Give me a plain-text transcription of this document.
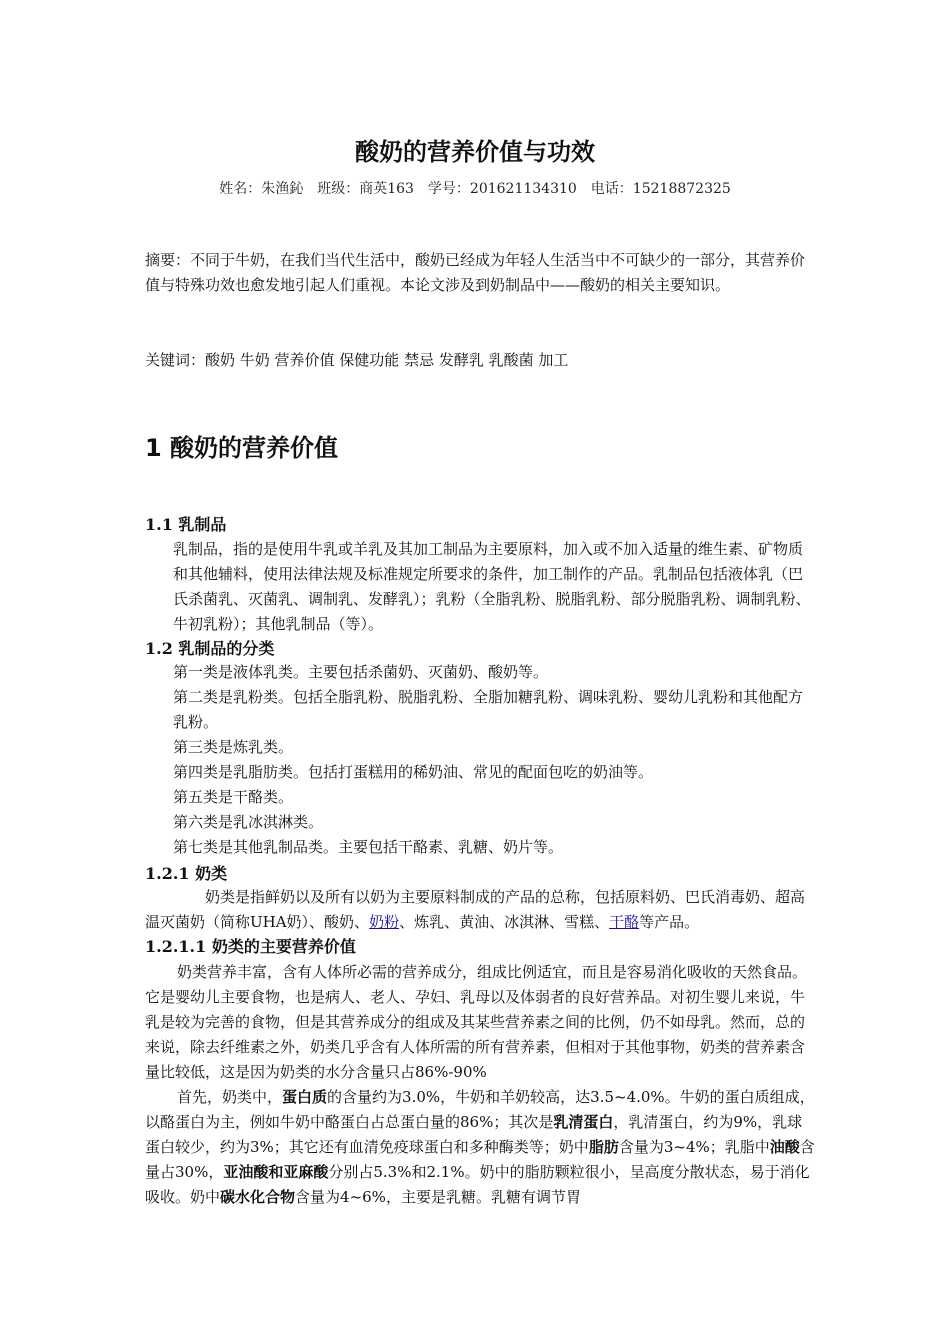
酸奶的营养价值与功效
姓名：朱渔鈊　班级：商英163　学号：201621134310　电话：15218872325
摘要：不同于牛奶，在我们当代生活中，酸奶已经成为年轻人生活当中不可缺少的一部分，其营养价值与特殊功效也愈发地引起人们重视。本论文涉及到奶制品中——酸奶的相关主要知识。
关键词：酸奶 牛奶 营养价值 保健功能 禁忌 发酵乳 乳酸菌 加工
1 酸奶的营养价值
1.1 乳制品
乳制品，指的是使用牛乳或羊乳及其加工制品为主要原料，加入或不加入适量的维生素、矿物质和其他辅料，使用法律法规及标准规定所要求的条件，加工制作的产品。乳制品包括液体乳（巴氏杀菌乳、灭菌乳、调制乳、发酵乳）；乳粉（全脂乳粉、脱脂乳粉、部分脱脂乳粉、调制乳粉、牛初乳粉）；其他乳制品（等）。
1.2 乳制品的分类
第一类是液体乳类。主要包括杀菌奶、灭菌奶、酸奶等。
第二类是乳粉类。包括全脂乳粉、脱脂乳粉、全脂加糖乳粉、调味乳粉、婴幼儿乳粉和其他配方乳粉。
第三类是炼乳类。
第四类是乳脂肪类。包括打蛋糕用的稀奶油、常见的配面包吃的奶油等。
第五类是干酪类。
第六类是乳冰淇淋类。
第七类是其他乳制品类。主要包括干酪素、乳糖、奶片等。
1.2.1 奶类
奶类是指鲜奶以及所有以奶为主要原料制成的产品的总称，包括原料奶、巴氏消毒奶、超高温灭菌奶（简称UHA奶）、酸奶、奶粉、炼乳、黄油、冰淇淋、雪糕、干酪等产品。
1.2.1.1 奶类的主要营养价值
奶类营养丰富，含有人体所必需的营养成分，组成比例适宜，而且是容易消化吸收的天然食品。它是婴幼儿主要食物，也是病人、老人、孕妇、乳母以及体弱者的良好营养品。对初生婴儿来说，牛乳是较为完善的食物，但是其营养成分的组成及其某些营养素之间的比例，仍不如母乳。然而，总的来说，除去纤维素之外，奶类几乎含有人体所需的所有营养素，但相对于其他事物，奶类的营养素含量比较低，这是因为奶类的水分含量只占86%-90%
首先，奶类中，蛋白质的含量约为3.0%，牛奶和羊奶较高，达3.5~4.0%。牛奶的蛋白质组成，以酪蛋白为主，例如牛奶中酪蛋白占总蛋白量的86%；其次是乳清蛋白，乳清蛋白，约为9%，乳球蛋白较少，约为3%；其它还有血清免疫球蛋白和多种酶类等；奶中脂肪含量为3~4%；乳脂中油酸含量占30%，亚油酸和亚麻酸分别占5.3%和2.1%。奶中的脂肪颗粒很小，呈高度分散状态，易于消化吸收。奶中碳水化合物含量为4~6%，主要是乳糖。乳糖有调节胃
